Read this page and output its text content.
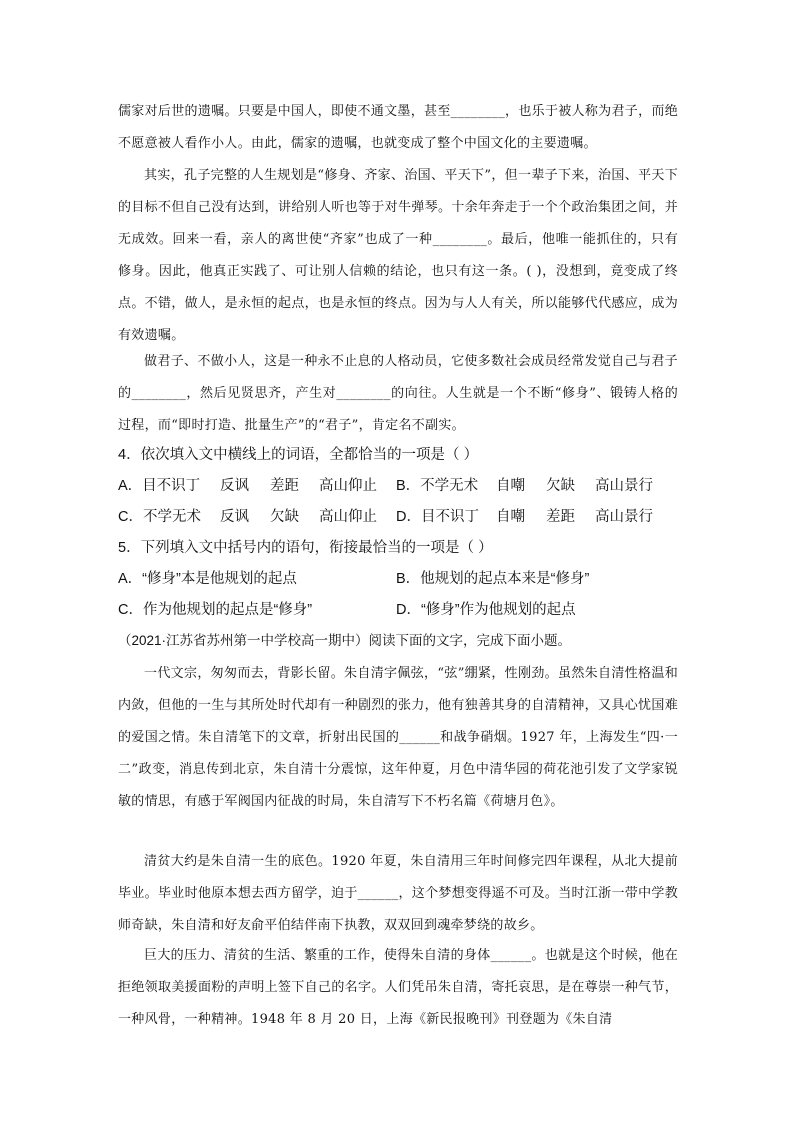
儒家对后世的遗嘱。只要是中国人，即使不通文墨，甚至________，也乐于被人称为君子，而绝不愿意被人看作小人。由此，儒家的遗嘱，也就变成了整个中国文化的主要遗嘱。

其实，孔子完整的人生规划是“修身、齐家、治国、平天下”，但一辈子下来，治国、平天下的目标不但自己没有达到，讲给别人听也等于对牛弹琴。十余年奔走于一个个政治集团之间，并无成效。回来一看，亲人的离世使“齐家”也成了一种________。最后，他唯一能抓住的，只有修身。因此，他真正实践了、可让别人信赖的结论，也只有这一条。( )，没想到，竟变成了终点。不错，做人，是永恒的起点，也是永恒的终点。因为与人人有关，所以能够代代感应，成为有效遗嘱。

做君子、不做小人，这是一种永不止息的人格动员，它使多数社会成员经常发觉自己与君子的________，然后见贤思齐，产生对________的向往。人生就是一个不断“修身”、锻铸人格的过程，而“即时打造、批量生产”的“君子”，肯定名不副实。

4．依次填入文中横线上的词语，全都恰当的一项是（ ）

A．目不识丁 反讽 差距 高山仰止 B．不学无术 自嘲 欠缺 高山景行
C．不学无术 反讽 欠缺 高山仰止 D．目不识丁 自嘲 差距 高山景行

5．下列填入文中括号内的语句，衔接最恰当的一项是（ ）

A．“修身”本是他规划的起点	B．他规划的起点本来是“修身”
C．作为他规划的起点是“修身”	D．“修身”作为他规划的起点

（2021·江苏省苏州第一中学校高一期中）阅读下面的文字，完成下面小题。

一代文宗，匆匆而去，背影长留。朱自清字佩弦，“弦”绷紧，性刚劲。虽然朱自清性格温和内敛，但他的一生与其所处时代却有一种剧烈的张力，他有独善其身的自清精神，又具心忧国难的爱国之情。朱自清笔下的文章，折射出民国的______和战争硝烟。1927 年，上海发生“四·一二”政变，消息传到北京，朱自清十分震惊，这年仲夏，月色中清华园的荷花池引发了文学家锐敏的情思，有感于军阀国内征战的时局，朱自清写下不朽名篇《荷塘月色》。

清贫大约是朱自清一生的底色。1920 年夏，朱自清用三年时间修完四年课程，从北大提前毕业。毕业时他原本想去西方留学，迫于______，这个梦想变得遥不可及。当时江浙一带中学教师奇缺，朱自清和好友俞平伯结伴南下执教，双双回到魂牵梦绕的故乡。

巨大的压力、清贫的生活、繁重的工作，使得朱自清的身体______。也就是这个时候，他在拒绝领取美援面粉的声明上签下自己的名字。人们凭吊朱自清，寄托哀思，是在尊崇一种气节，一种风骨，一种精神。1948 年 8 月 20 日，上海《新民报晚刊》刊登题为《朱自清
